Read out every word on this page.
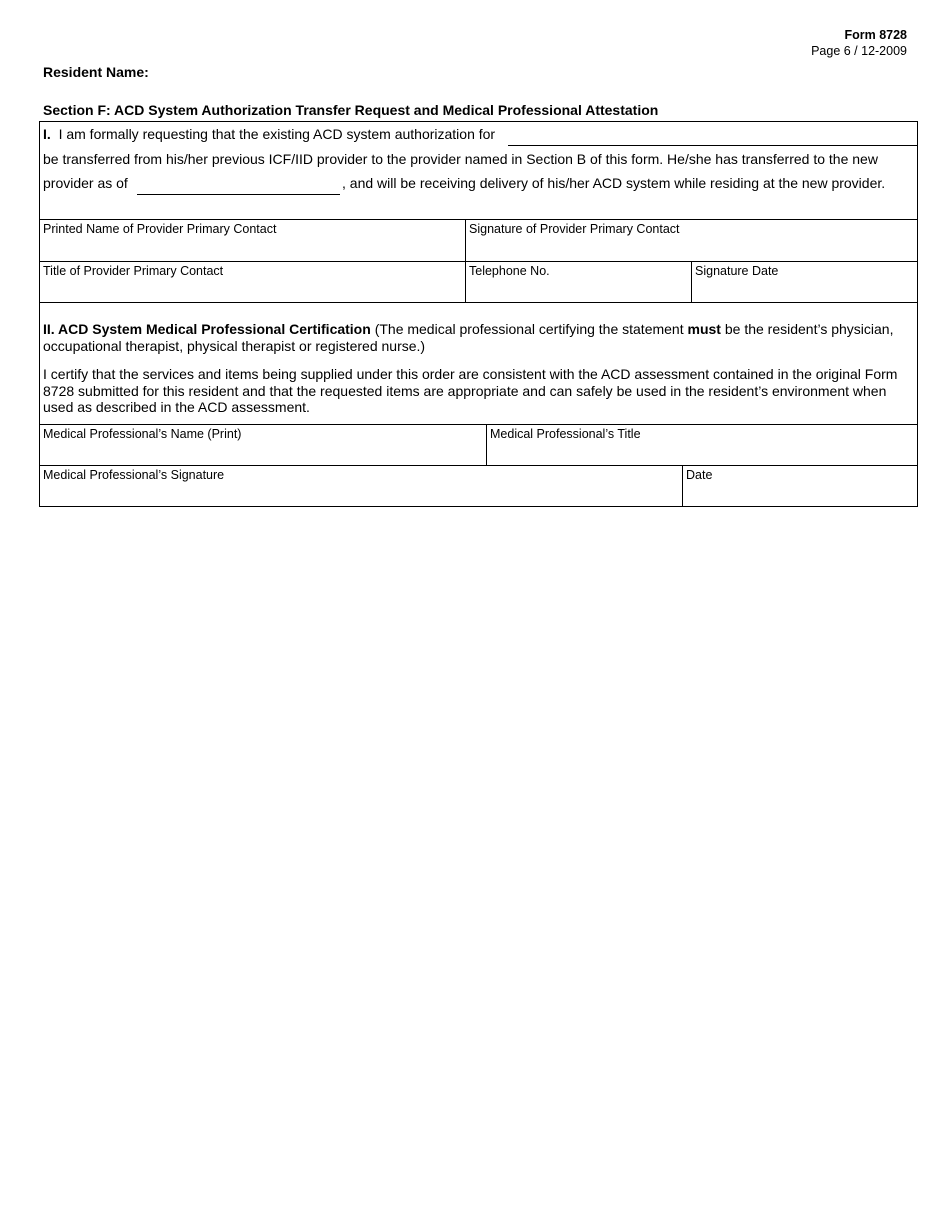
Form 8728
Page 6 / 12-2009
Resident Name:
Section F: ACD System Authorization Transfer Request and Medical Professional Attestation
I. I am formally requesting that the existing ACD system authorization for
be transferred from his/her previous ICF/IID provider to the provider named in Section B of this form. He/she has transferred to the new
provider as of	, and will be receiving delivery of his/her ACD system while residing at the new provider.
Printed Name of Provider Primary Contact	Signature of Provider Primary Contact
Title of Provider Primary Contact	Telephone No.	Signature Date
II. ACD System Medical Professional Certification (The medical professional certifying the statement must be the resident’s physician, occupational therapist, physical therapist or registered nurse.)
I certify that the services and items being supplied under this order are consistent with the ACD assessment contained in the original Form 8728 submitted for this resident and that the requested items are appropriate and can safely be used in the resident’s environment when used as described in the ACD assessment.
Medical Professional’s Name (Print)	Medical Professional’s Title
Medical Professional’s Signature	Date
